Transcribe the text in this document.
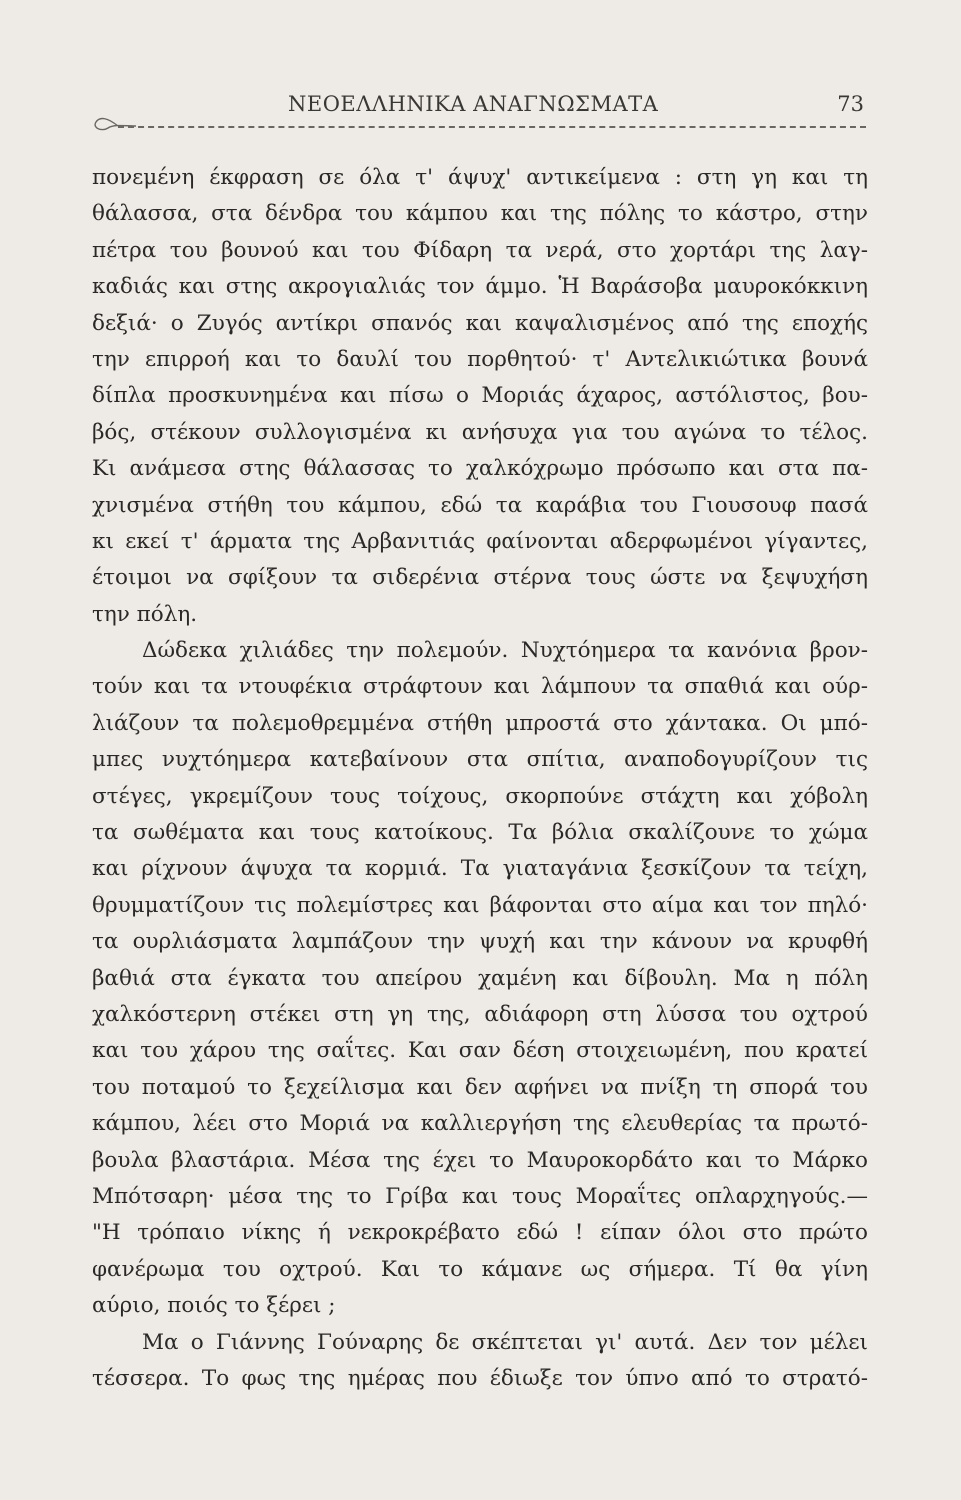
ΝΕΟΕΛΛΗΝΙΚΑ ΑΝΑΓΝΩΣΜΑΤΑ	73
πονεμένη έκφραση σε όλα τ' άψυχ' αντικείμενα : στη γη και τη
θάλασσα, στα δένδρα του κάμπου και της πόλης το κάστρο, στην
πέτρα του βουνού και του Φίδαρη τα νερά, στο χορτάρι της λαγ-
καδιάς και στης ακρογιαλιάς τον άμμο. Ἡ Βαράσοβα μαυροκόκκινη
δεξιά· ο Ζυγός αντίκρι σπανός και καψαλισμένος από της εποχής
την επιρροή και το δαυλί του πορθητού· τ' Αντελικιώτικα βουνά
δίπλα προσκυνημένα και πίσω ο Μοριάς άχαρος, αστόλιστος, βου-
βός, στέκουν συλλογισμένα κι ανήσυχα για του αγώνα το τέλος.
Κι ανάμεσα στης θάλασσας το χαλκόχρωμο πρόσωπο και στα πα-
χνισμένα στήθη του κάμπου, εδώ τα καράβια του Γιουσουφ πασά
κι εκεί τ' άρματα της Αρβανιτιάς φαίνονται αδερφωμένοι γίγαντες,
έτοιμοι να σφίξουν τα σιδερένια στέρνα τους ώστε να ξεψυχήση
την πόλη.
Δώδεκα χιλιάδες την πολεμούν. Νυχτόημερα τα κανόνια βρον-
τούν και τα ντουφέκια στράφτουν και λάμπουν τα σπαθιά και ούρ-
λιάζουν τα πολεμοθρεμμένα στήθη μπροστά στο χάντακα. Οι μπό-
μπες νυχτόημερα κατεβαίνουν στα σπίτια, αναποδογυρίζουν τις
στέγες, γκρεμίζουν τους τοίχους, σκορπούνε στάχτη και χόβολη
τα σωθέματα και τους κατοίκους. Τα βόλια σκαλίζουνε το χώμα
και ρίχνουν άψυχα τα κορμιά. Τα γιαταγάνια ξεσκίζουν τα τείχη,
θρυμματίζουν τις πολεμίστρες και βάφονται στο αίμα και τον πηλό·
τα ουρλιάσματα λαμπάζουν την ψυχή και την κάνουν να κρυφθή
βαθιά στα έγκατα του απείρου χαμένη και δίβουλη. Μα η πόλη
χαλκόστερνη στέκει στη γη της, αδιάφορη στη λύσσα του οχτρού
και του χάρου της σαΐτες. Και σαν δέση στοιχειωμένη, που κρατεί
του ποταμού το ξεχείλισμα και δεν αφήνει να πνίξη τη σπορά του
κάμπου, λέει στο Μοριά να καλλιεργήση της ελευθερίας τα πρωτό-
βουλα βλαστάρια. Μέσα της έχει το Μαυροκορδάτο και το Μάρκο
Μπότσαρη· μέσα της το Γρίβα και τους Μοραΐτες οπλαρχηγούς.—
"Η τρόπαιο νίκης ή νεκροκρέβατο εδώ ! είπαν όλοι στο πρώτο
φανέρωμα του οχτρού. Και το κάμανε ως σήμερα. Τί θα γίνη
αύριο, ποιός το ξέρει ;
Μα ο Γιάννης Γούναρης δε σκέπτεται γι' αυτά. Δεν τον μέλει
τέσσερα. Το φως της ημέρας που έδιωξε τον ύπνο από το στρατό-
